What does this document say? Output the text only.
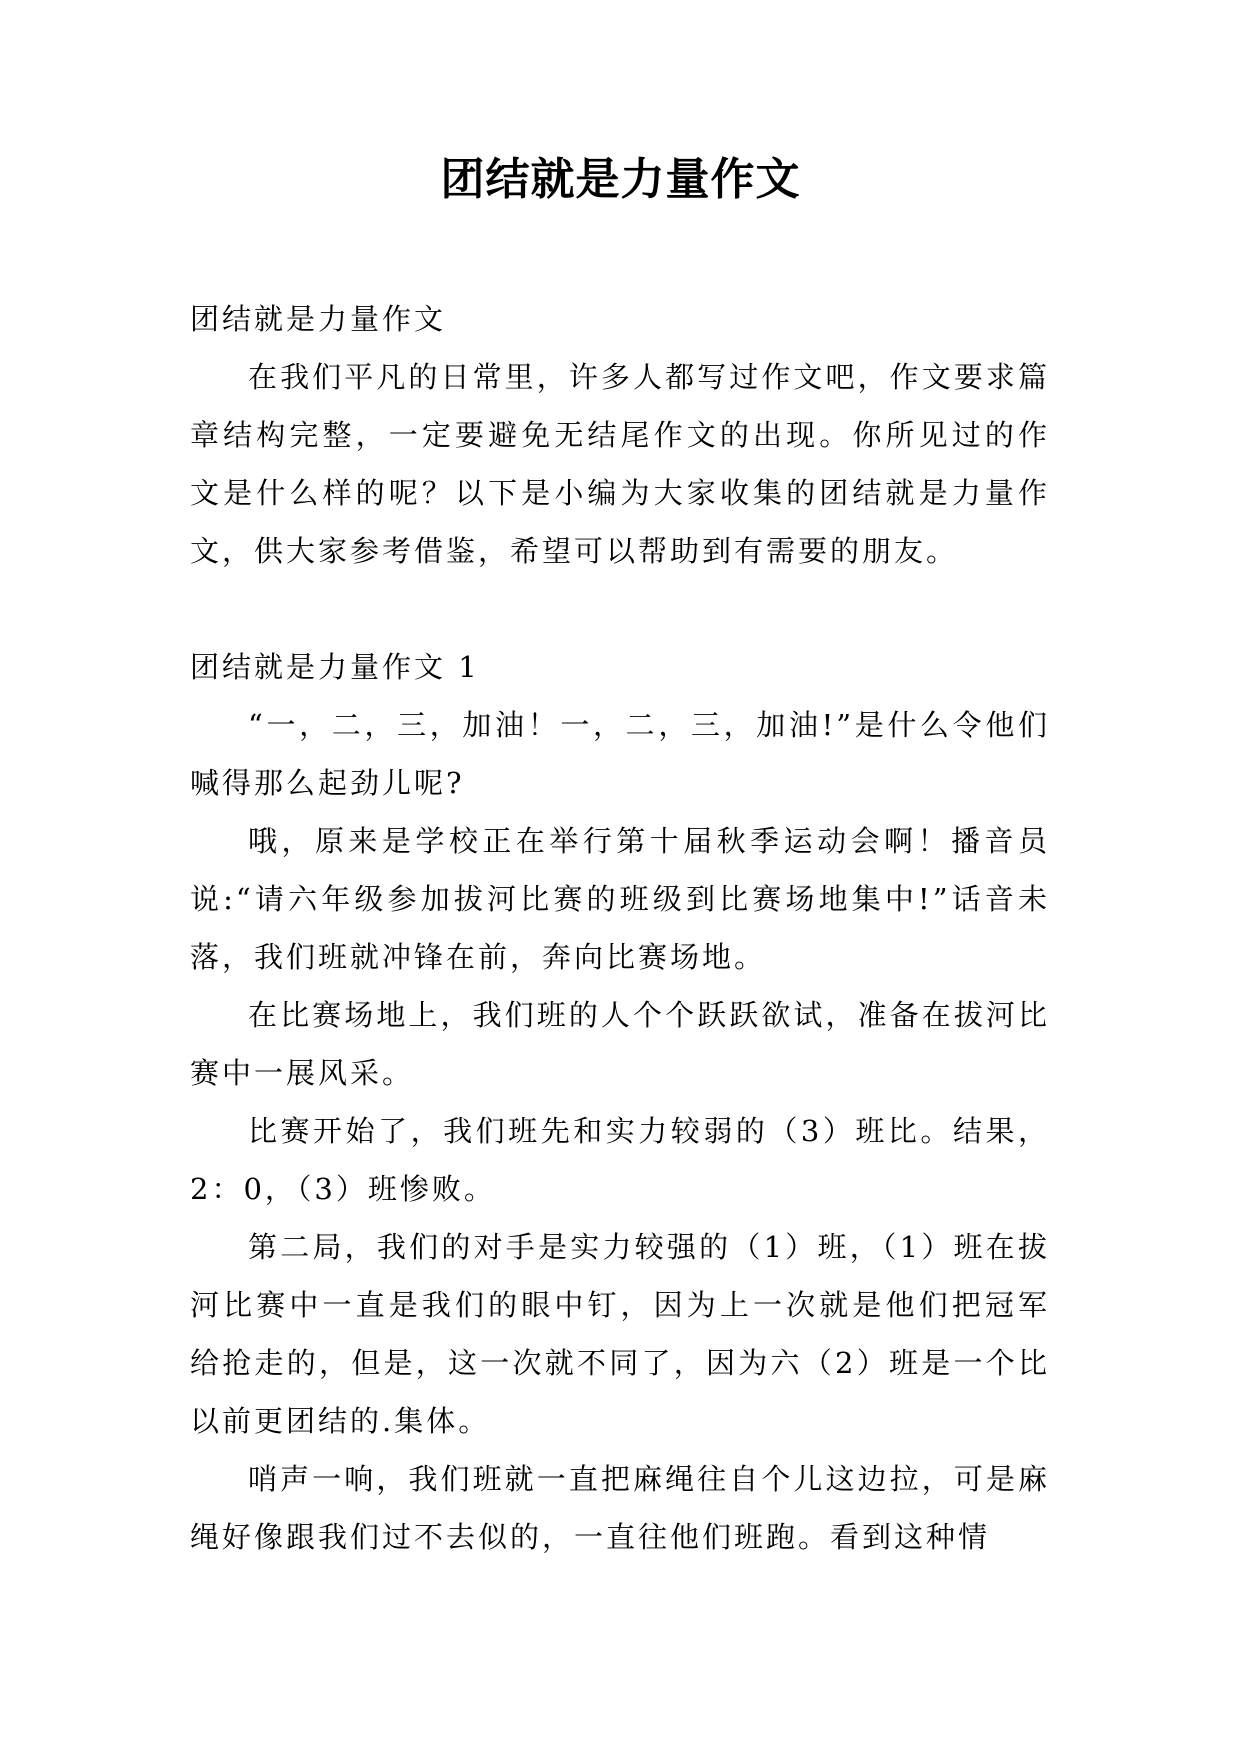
团结就是力量作文

团结就是力量作文

在我们平凡的日常里，许多人都写过作文吧，作文要求篇章结构完整，一定要避免无结尾作文的出现。你所见过的作文是什么样的呢？以下是小编为大家收集的团结就是力量作文，供大家参考借鉴，希望可以帮助到有需要的朋友。

团结就是力量作文 1

“一，二，三，加油！一，二，三，加油!”是什么令他们喊得那么起劲儿呢?

哦，原来是学校正在举行第十届秋季运动会啊！播音员说:“请六年级参加拔河比赛的班级到比赛场地集中!”话音未落，我们班就冲锋在前，奔向比赛场地。

在比赛场地上，我们班的人个个跃跃欲试，准备在拔河比赛中一展风采。

比赛开始了，我们班先和实力较弱的（3）班比。结果，2：0，（3）班惨败。

第二局，我们的对手是实力较强的（1）班，（1）班在拔河比赛中一直是我们的眼中钉，因为上一次就是他们把冠军给抢走的，但是，这一次就不同了，因为六（2）班是一个比以前更团结的.集体。

哨声一响，我们班就一直把麻绳往自个儿这边拉，可是麻绳好像跟我们过不去似的，一直往他们班跑。看到这种情
